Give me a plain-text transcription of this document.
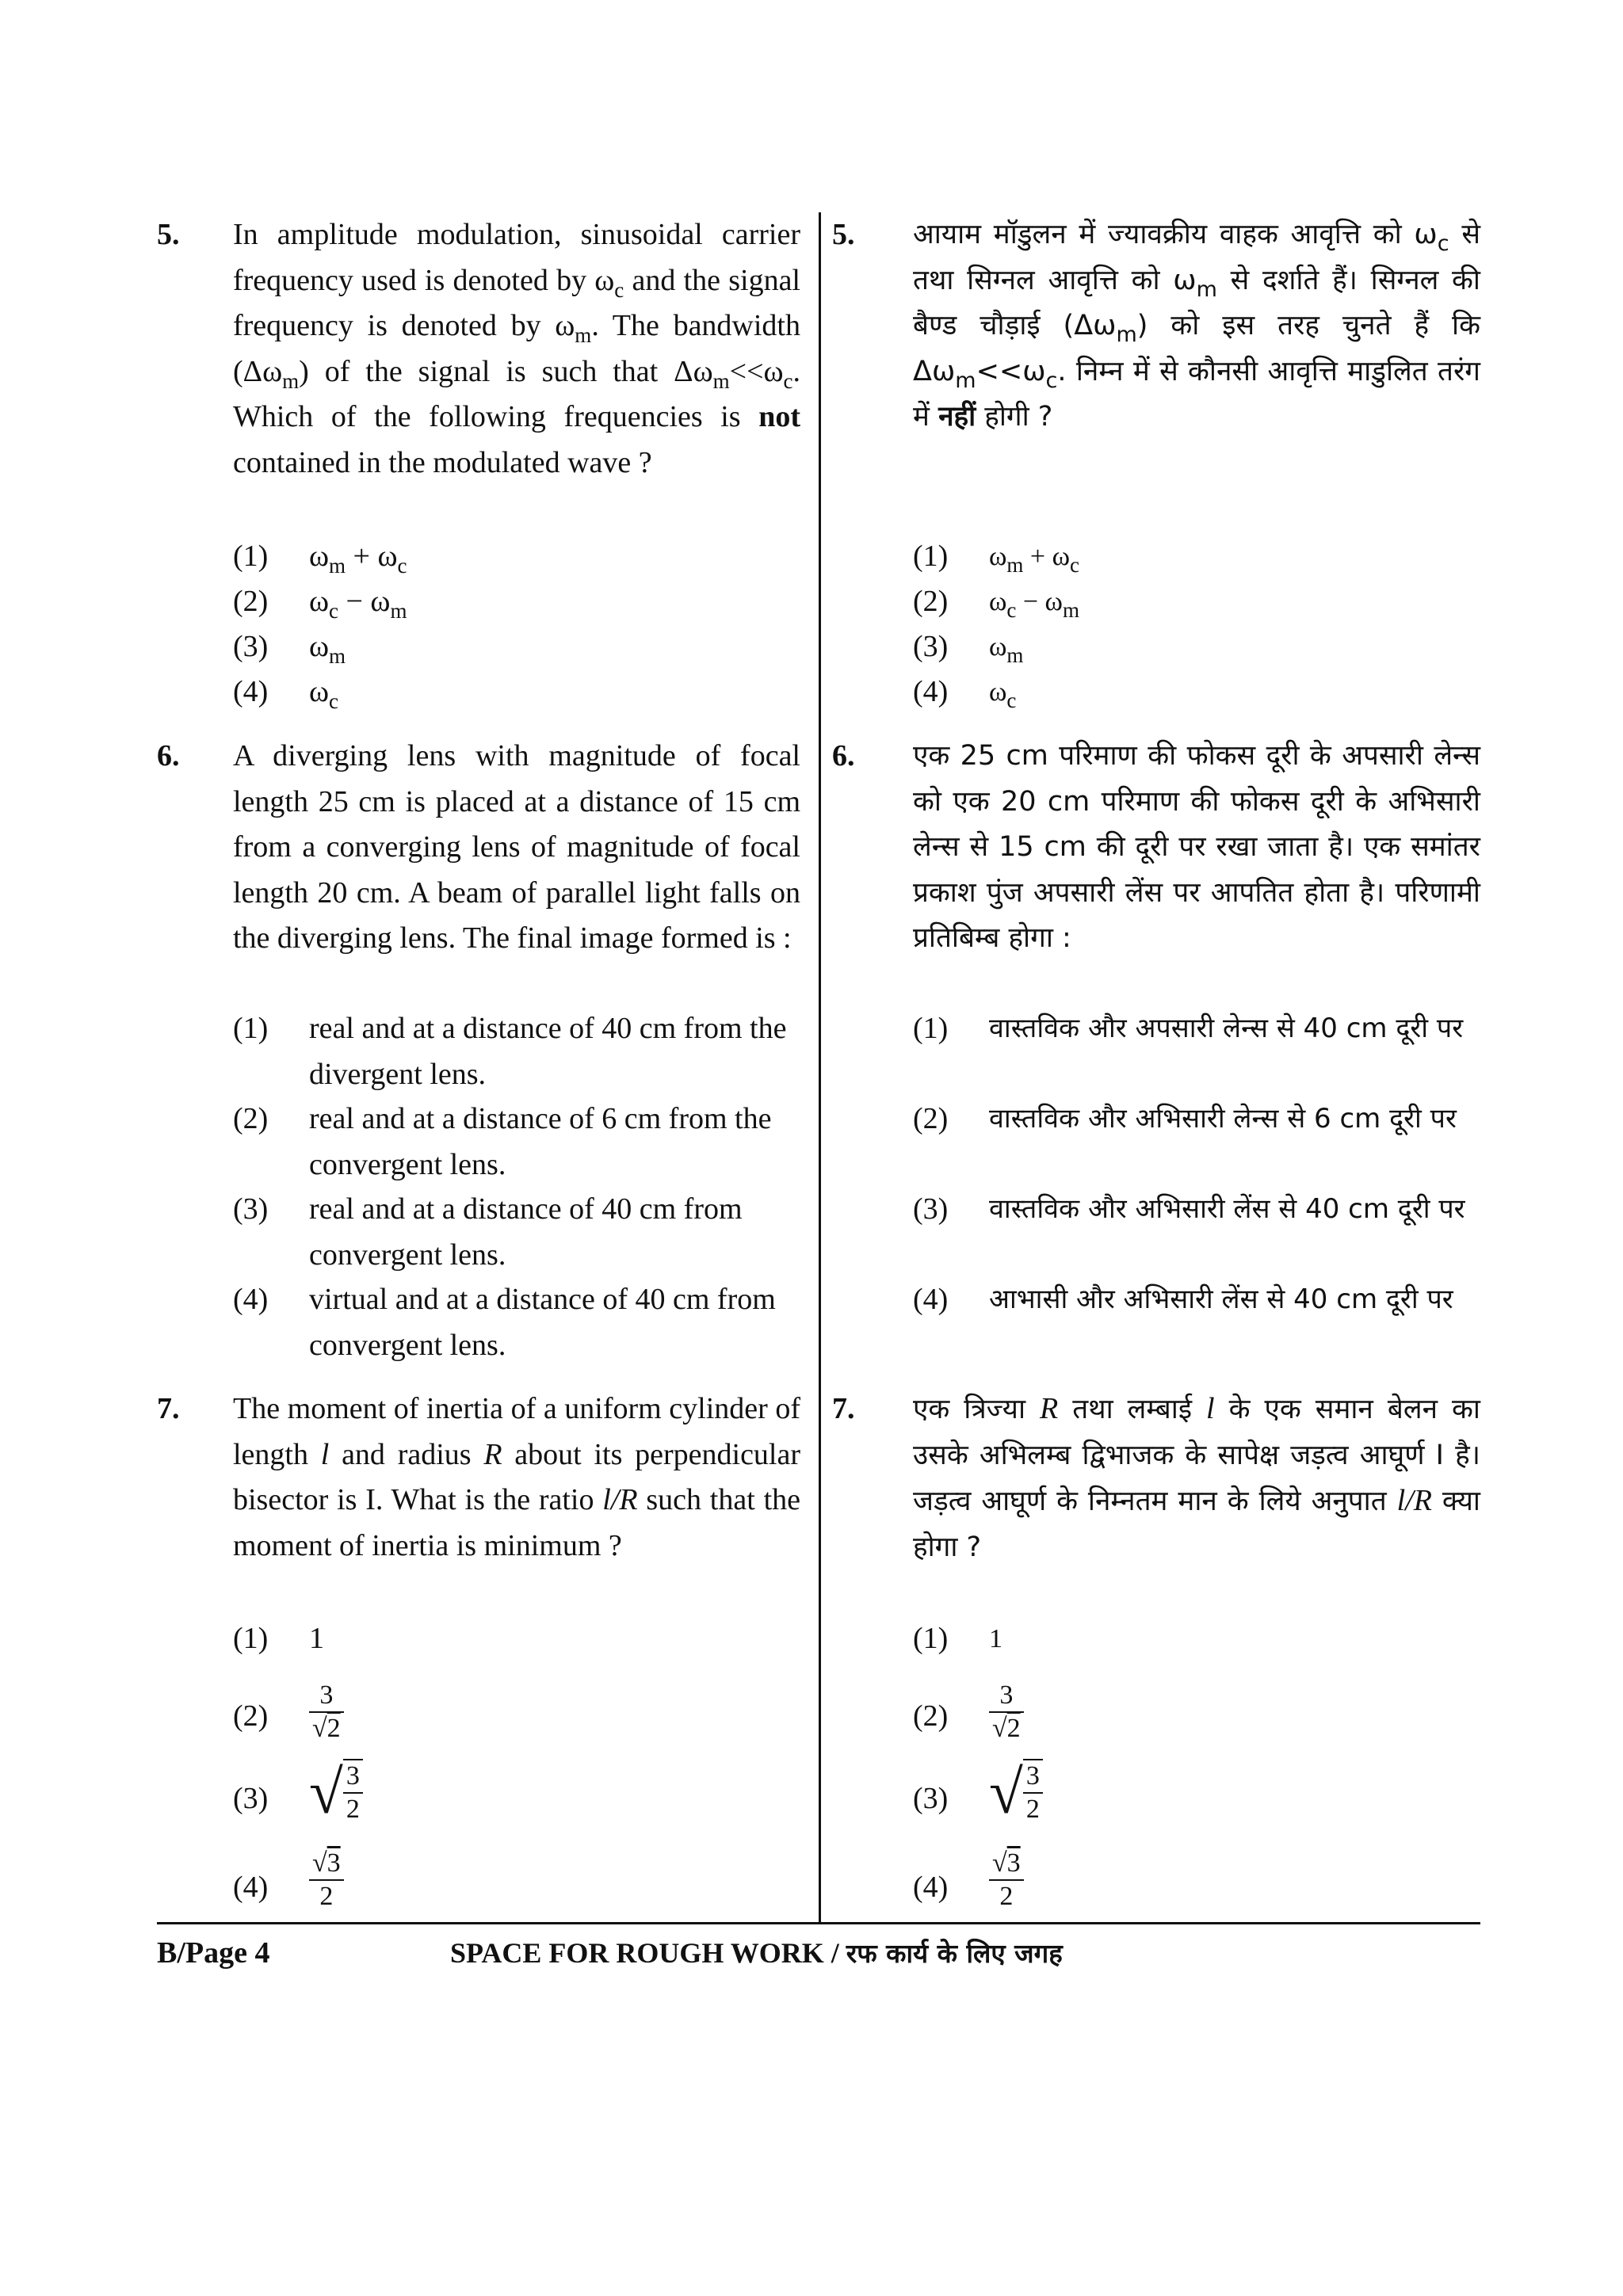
5. In amplitude modulation, sinusoidal carrier frequency used is denoted by $\omega_c$ and the signal frequency is denoted by $\omega_m$. The bandwidth $(\Delta\omega_m)$ of the signal is such that $\Delta\omega_m<<\omega_c$. Which of the following frequencies is not contained in the modulated wave ?
(1) $\omega_m + \omega_c$
(2) $\omega_c - \omega_m$
(3) $\omega_m$
(4) $\omega_c$
6. A diverging lens with magnitude of focal length 25 cm is placed at a distance of 15 cm from a converging lens of magnitude of focal length 20 cm. A beam of parallel light falls on the diverging lens. The final image formed is :
(1) real and at a distance of 40 cm from the divergent lens.
(2) real and at a distance of 6 cm from the convergent lens.
(3) real and at a distance of 40 cm from convergent lens.
(4) virtual and at a distance of 40 cm from convergent lens.
7. The moment of inertia of a uniform cylinder of length l and radius R about its perpendicular bisector is I. What is the ratio l/R such that the moment of inertia is minimum ?
(1) 1
$(2) \frac{3}{√2}$
(3) √ $\frac{3}{2}$
$(4) \frac{√3}{2}$
5. आयाम मॉडुलन में ज्यावक्रीय वाहक आवृत्ति को $\omega_c$ से तथा सिग्नल आवृत्ति को $\omega_m$ से दर्शाते हैं। सिग्नल की बैण्ड चौड़ाई $(\Delta\omega_m)$ को इस तरह चुनते हैं कि $\Delta\omega_m<<\omega_c$. निम्न में से कौनसी आवृत्ति माडुलित तरंग में नहीं होगी ?
(1) $\omega_m + \omega_c$
(2) $\omega_c - \omega_m$
(3) $\omega_m$
(4) $\omega_c$
6. एक 25 cm परिमाण की फोकस दूरी के अपसारी लेन्स को एक 20 cm परिमाण की फोकस दूरी के अभिसारी लेन्स से 15 cm की दूरी पर रखा जाता है। एक समांतर प्रकाश पुंज अपसारी लेंस पर आपतित होता है। परिणामी प्रतिबिम्ब होगा :
(1) वास्तविक और अपसारी लेन्स से 40 cm दूरी पर
(2) वास्तविक और अभिसारी लेन्स से 6 cm दूरी पर
(3) वास्तविक और अभिसारी लेंस से 40 cm दूरी पर
(4) आभासी और अभिसारी लेंस से 40 cm दूरी पर
7. एक त्रिज्या R तथा लम्बाई l के एक समान बेलन का उसके अभिलम्ब द्विभाजक के सापेक्ष जड़त्व आघूर्ण I है। जड़त्व आघूर्ण के निम्नतम मान के लिये अनुपात l/R क्या होगा ?
(1) 1
$(2) \frac{3}{√2}$
(3) √ $\frac{3}{2}$
$(4) \frac{√3}{2}$
B/Page 4	SPACE FOR ROUGH WORK / रफ कार्य के लिए जगह
